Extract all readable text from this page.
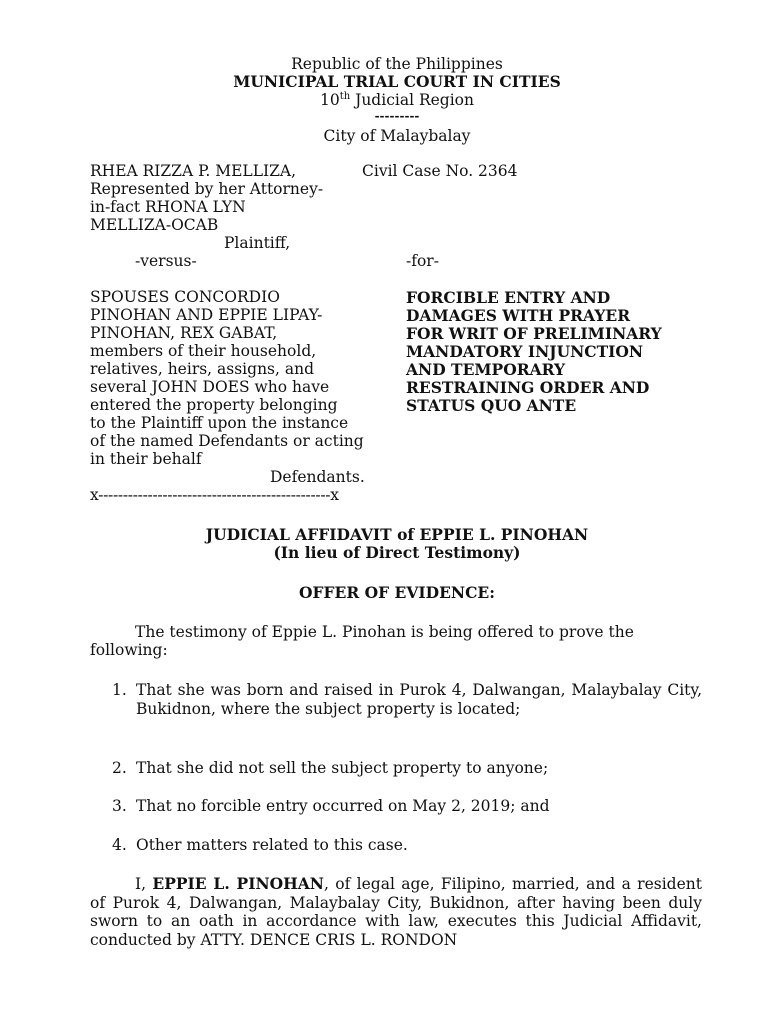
Republic of the Philippines
MUNICIPAL TRIAL COURT IN CITIES
10th Judicial Region
---------
City of Malaybalay
RHEA RIZZA P. MELLIZA,
Represented by her Attorney-
in-fact RHONA LYN
MELLIZA-OCAB
Plaintiff,
-versus-
SPOUSES CONCORDIO
PINOHAN AND EPPIE LIPAY-
PINOHAN, REX GABAT,
members of their household,
relatives, heirs, assigns, and
several JOHN DOES who have
entered the property belonging
to the Plaintiff upon the instance
of the named Defendants or acting
in their behalf
Defendants.
x-----------------------------------------------x
Civil Case No. 2364
-for-
FORCIBLE ENTRY AND
DAMAGES WITH PRAYER
FOR WRIT OF PRELIMINARY
MANDATORY INJUNCTION
AND TEMPORARY
RESTRAINING ORDER AND
STATUS QUO ANTE
JUDICIAL AFFIDAVIT of EPPIE L. PINOHAN
(In lieu of Direct Testimony)
OFFER OF EVIDENCE:
The testimony of Eppie L. Pinohan is being offered to prove the
following:
1. That she was born and raised in Purok 4, Dalwangan, Malaybalay City, Bukidnon, where the subject property is located;
2. That she did not sell the subject property to anyone;
3. That no forcible entry occurred on May 2, 2019; and
4. Other matters related to this case.
I, EPPIE L. PINOHAN, of legal age, Filipino, married, and a resident of Purok 4, Dalwangan, Malaybalay City, Bukidnon, after having been duly sworn to an oath in accordance with law, executes this Judicial Affidavit, conducted by ATTY. DENCE CRIS L. RONDON
